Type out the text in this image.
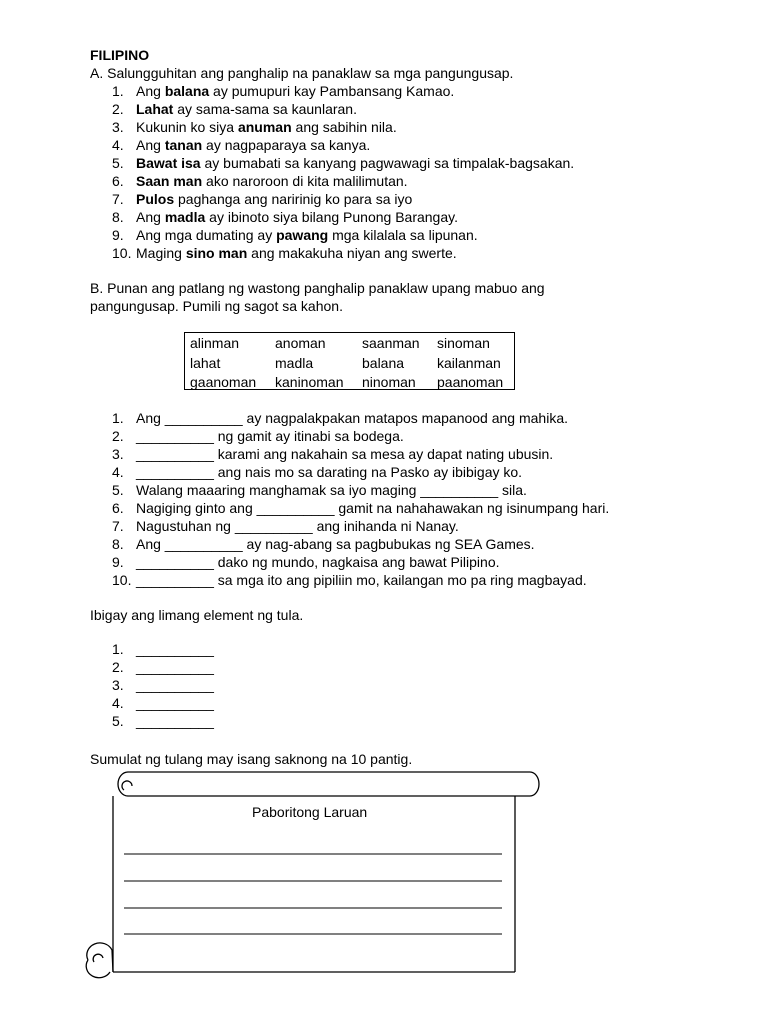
FILIPINO
A. Salungguhitan ang panghalip na panaklaw sa mga pangungusap.
1. Ang balana ay pumupuri kay Pambansang Kamao.
2. Lahat ay sama-sama sa kaunlaran.
3. Kukunin ko siya anuman ang sabihin nila.
4. Ang tanan ay nagpaparaya sa kanya.
5. Bawat isa ay bumabati sa kanyang pagwawagi sa timpalak-bagsakan.
6. Saan man ako naroroon di kita malilimutan.
7. Pulos paghanga ang naririnig ko para sa iyo
8. Ang madla ay ibinoto siya bilang Punong Barangay.
9. Ang mga dumating ay pawang mga kilalala sa lipunan.
10. Maging sino man ang makakuha niyan ang swerte.
B. Punan ang patlang ng wastong panghalip panaklaw upang mabuo ang
pangungusap. Pumili ng sagot sa kahon.
alinman	anoman	saanman sinoman
lahat	madla	balana kailanman
gaanoman kaninoman ninoman paanoman
1. Ang __________ ay nagpalakpakan matapos mapanood ang mahika.
2. __________ ng gamit ay itinabi sa bodega.
3. __________ karami ang nakahain sa mesa ay dapat nating ubusin.
4. __________ ang nais mo sa darating na Pasko ay ibibigay ko.
5. Walang maaaring manghamak sa iyo maging __________ sila.
6. Nagiging ginto ang __________ gamit na nahahawakan ng isinumpang hari.
7. Nagustuhan ng __________ ang inihanda ni Nanay.
8. Ang __________ ay nag-abang sa pagbubukas ng SEA Games.
9. __________ dako ng mundo, nagkaisa ang bawat Pilipino.
10. __________ sa mga ito ang pipiliin mo, kailangan mo pa ring magbayad.
Ibigay ang limang element ng tula.
1. __________
2. __________
3. __________
4. __________
5. __________
Sumulat ng tulang may isang saknong na 10 pantig.
Paboritong Laruan
